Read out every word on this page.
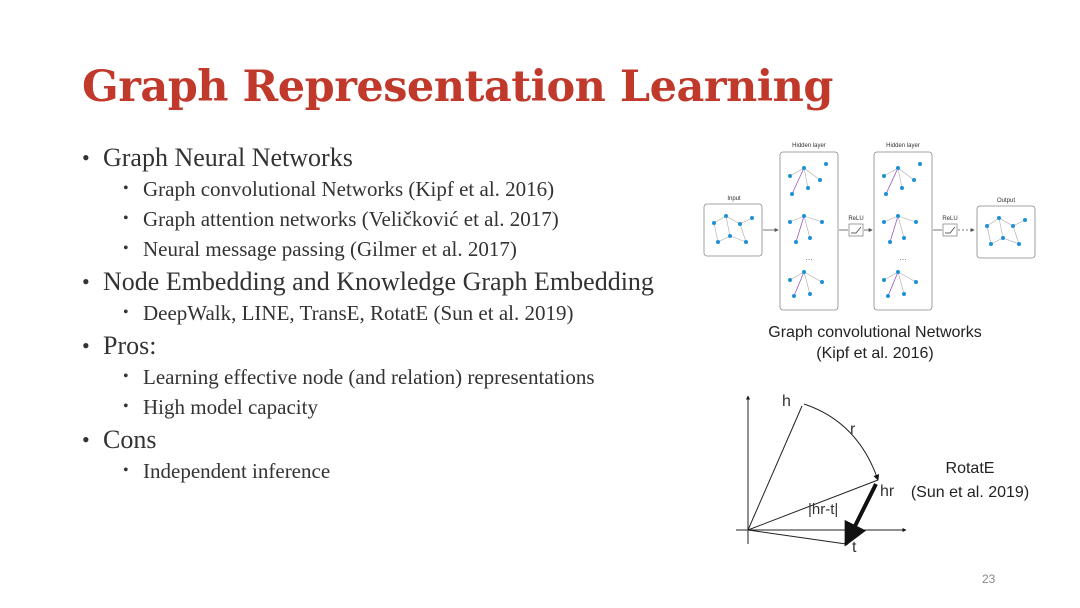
Graph Representation Learning
• Graph Neural Networks
• Graph convolutional Networks (Kipf et al. 2016)
• Graph attention networks (Veličković et al. 2017)
• Neural message passing (Gilmer et al. 2017)
• Node Embedding and Knowledge Graph Embedding
• DeepWalk, LINE, TransE, RotatE (Sun et al. 2019)
• Pros:
• Learning effective node (and relation) representations
• High model capacity
• Cons
• Independent inference
Input
Hidden layer
…
ReLU
Hidden layer
…
ReLU
Output
Graph convolutional Networks
(Kipf et al. 2016)
h
r
hr
t
|hr-t|
RotatE
(Sun et al. 2019)
23
